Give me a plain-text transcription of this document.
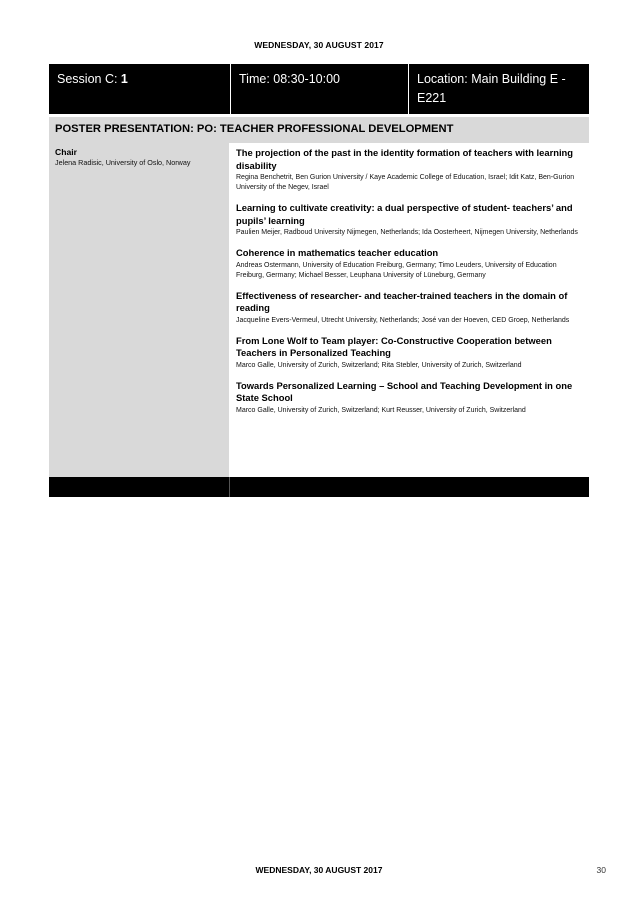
WEDNESDAY, 30 AUGUST 2017
Session C: 1	Time: 08:30-10:00	Location: Main Building E - E221
POSTER PRESENTATION: PO: TEACHER PROFESSIONAL DEVELOPMENT
Chair
Jelena Radisic, University of Oslo, Norway
The projection of the past in the identity formation of teachers with learning disability
Regina Benchetrit, Ben Gurion University / Kaye Academic College of Education, Israel; Idit Katz, Ben-Gurion University of the Negev, Israel
Learning to cultivate creativity: a dual perspective of student- teachers’ and pupils’ learning
Paulien Meijer, Radboud University Nijmegen, Netherlands; Ida Oosterheert, Nijmegen University, Netherlands
Coherence in mathematics teacher education
Andreas Ostermann, University of Education Freiburg, Germany; Timo Leuders, University of Education Freiburg, Germany; Michael Besser, Leuphana University of Lüneburg, Germany
Effectiveness of researcher- and teacher-trained teachers in the domain of reading
Jacqueline Evers-Vermeul, Utrecht University, Netherlands; José van der Hoeven, CED Groep, Netherlands
From Lone Wolf to Team player: Co-Constructive Cooperation between Teachers in Personalized Teaching
Marco Galle, University of Zurich, Switzerland; Rita Stebler, University of Zurich, Switzerland
Towards Personalized Learning – School and Teaching Development in one State School
Marco Galle, University of Zurich, Switzerland; Kurt Reusser, University of Zurich, Switzerland
WEDNESDAY, 30 AUGUST 2017	30
